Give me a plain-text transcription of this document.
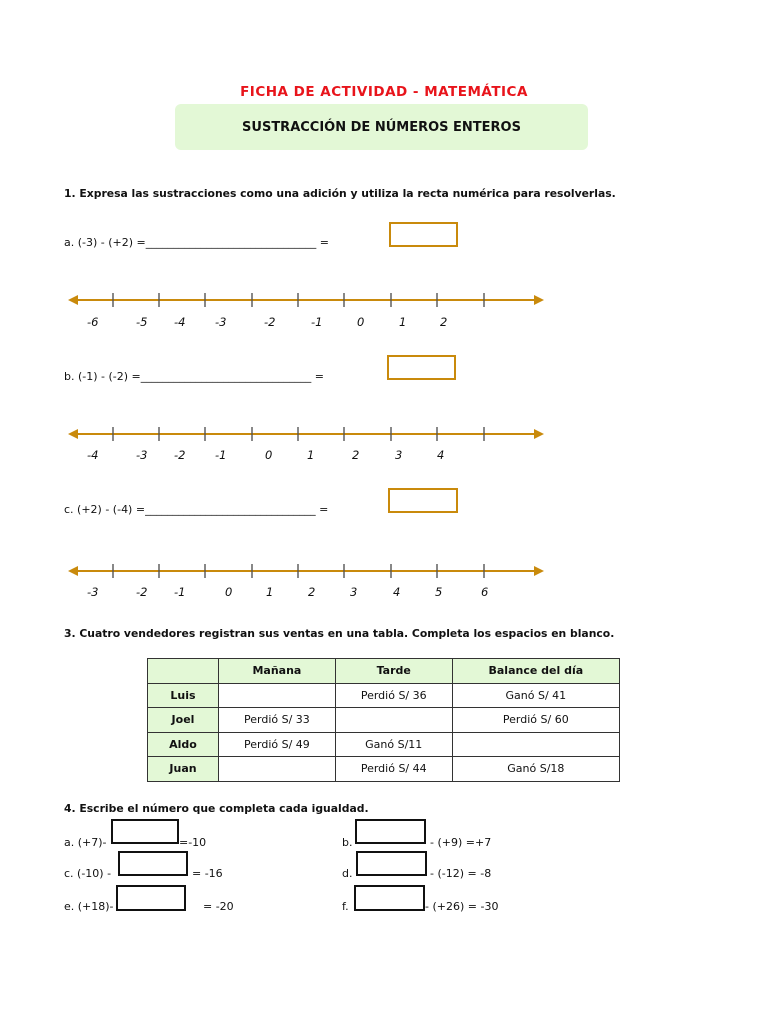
FICHA DE ACTIVIDAD - MATEMÁTICA
SUSTRACCIÓN DE NÚMEROS ENTEROS
1. Expresa las sustracciones como una adición y utiliza la recta numérica para resolverlas.
a. (-3) - (+2) =_______________________________ =
b. (-1) - (-2) =_______________________________ =
c. (+2) - (-4) =_______________________________ =
-6	-5 -4	-3	-2	-1	0	1	2
-4	-3 -2	-1	0	1	2	3	4
-3	-2 -1	0	1	2	3	4	5	6
3. Cuatro vendedores registran sus ventas en una tabla. Completa los espacios en blanco.
	Mañana	Tarde	Balance del día
Luis		Perdió S/ 36	Ganó S/ 41
Joel	Perdió S/ 33		Perdió S/ 60
Aldo	Perdió S/ 49	Ganó S/11	
Juan		Perdió S/ 44	Ganó S/18
4. Escribe el número que completa cada igualdad.
a. (+7)-	=-10	b.	- (+9) =+7
c. (-10) -	= -16	d.	- (-12) = -8
e. (+18)-	= -20	f.	- (+26) = -30
